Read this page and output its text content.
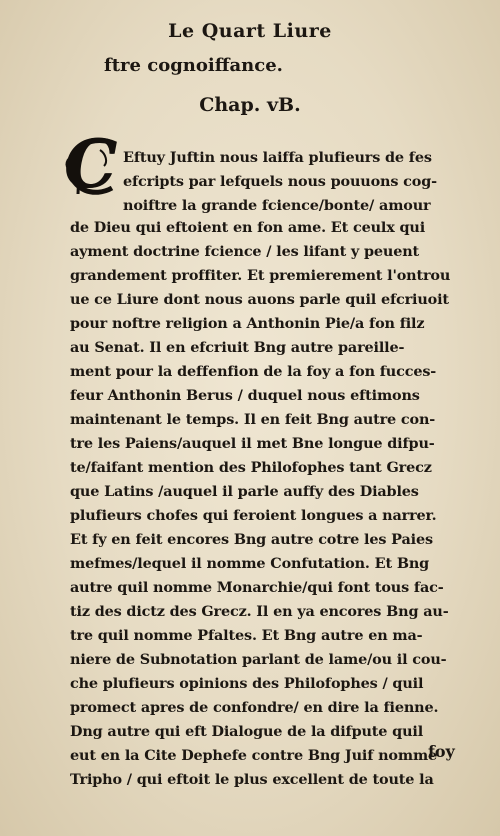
Le Quart Liure
ftre cognoiffance.
Chap. vB.
C Eftuy Juftin nous laiffa plufieurs de fes
efcripts par lefquels nous pouuons cog-
noiftre la grande fcience/bonte/ amour
de Dieu qui eftoient en fon ame. Et ceulx qui
ayment doctrine fcience / les lifant y peuent
grandement proffiter. Et premierement l'ontrou
ue ce Liure dont nous auons parle quil efcriuoit
pour noftre religion a Anthonin Pie/a fon filz
au Senat. Il en efcriuit Bng autre pareille-
ment pour la deffenfion de la foy a fon fucces-
feur Anthonin Berus / duquel nous eftimons
maintenant le temps. Il en feit Bng autre con-
tre les Paiens/auquel il met Bne longue difpu-
te/faifant mention des Philofophes tant Grecz
que Latins /auquel il parle auffy des Diables
plufieurs chofes qui feroient longues a narrer.
Et fy en feit encores Bng autre cotre les Paies
mefmes/lequel il nomme Confutation. Et Bng
autre quil nomme Monarchie/qui font tous fac-
tiz des dictz des Grecz. Il en ya encores Bng au-
tre quil nomme Pfaltes. Et Bng autre en ma-
niere de Subnotation parlant de lame/ou il cou-
che plufieurs opinions des Philofophes / quil
promect apres de confondre/ en dire la fienne.
Dng autre qui eft Dialogue de la difpute quil
eut en la Cite Dephefe contre Bng Juif nomme
Tripho / qui eftoit le plus excellent de toute la
foy
